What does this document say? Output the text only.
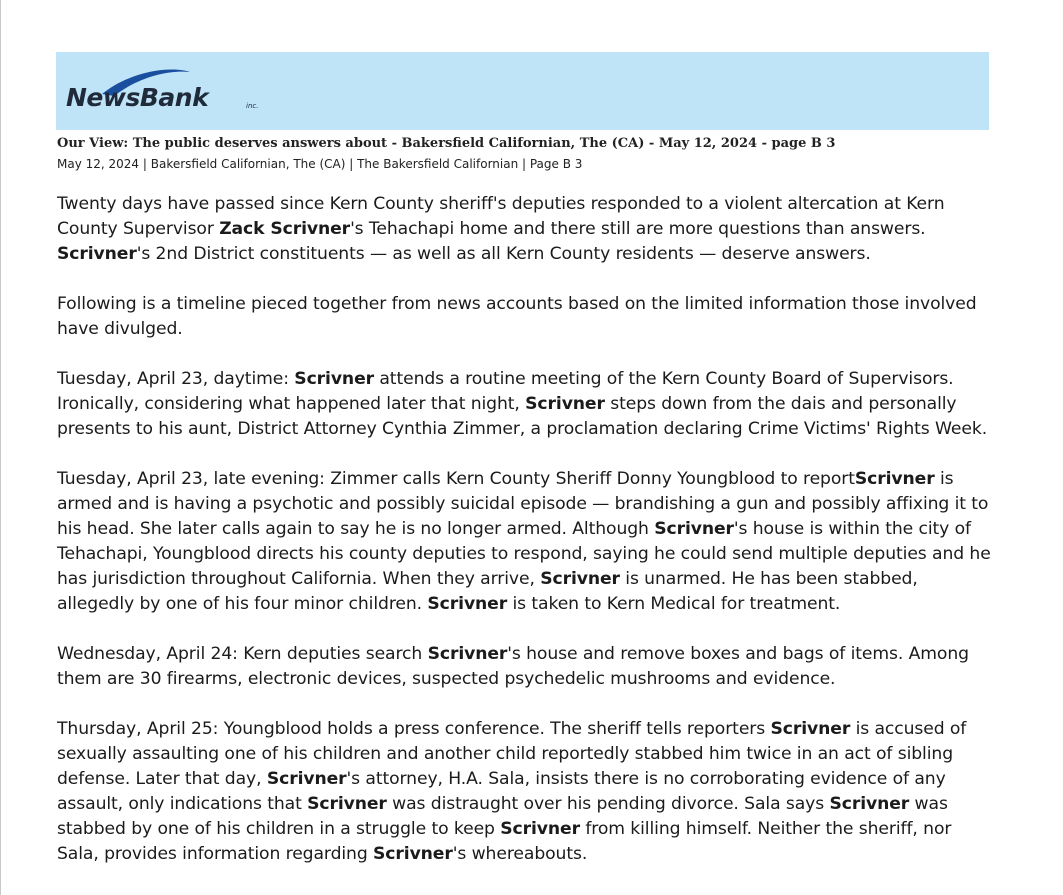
NewsBank	inc.
Our View: The public deserves answers about - Bakersfield Californian, The (CA) - May 12, 2024 - page B 3
May 12, 2024 | Bakersfield Californian, The (CA) | The Bakersfield Californian | Page B 3

Twenty days have passed since Kern County sheriff's deputies responded to a violent altercation at Kern County Supervisor Zack Scrivner's Tehachapi home and there still are more questions than answers. Scrivner's 2nd District constituents — as well as all Kern County residents — deserve answers.

Following is a timeline pieced together from news accounts based on the limited information those involved have divulged.

Tuesday, April 23, daytime: Scrivner attends a routine meeting of the Kern County Board of Supervisors. Ironically, considering what happened later that night, Scrivner steps down from the dais and personally presents to his aunt, District Attorney Cynthia Zimmer, a proclamation declaring Crime Victims' Rights Week.

Tuesday, April 23, late evening: Zimmer calls Kern County Sheriff Donny Youngblood to reportScrivner is armed and is having a psychotic and possibly suicidal episode — brandishing a gun and possibly affixing it to his head. She later calls again to say he is no longer armed. Although Scrivner's house is within the city of Tehachapi, Youngblood directs his county deputies to respond, saying he could send multiple deputies and he has jurisdiction throughout California. When they arrive, Scrivner is unarmed. He has been stabbed, allegedly by one of his four minor children. Scrivner is taken to Kern Medical for treatment.

Wednesday, April 24: Kern deputies search Scrivner's house and remove boxes and bags of items. Among them are 30 firearms, electronic devices, suspected psychedelic mushrooms and evidence.

Thursday, April 25: Youngblood holds a press conference. The sheriff tells reporters Scrivner is accused of sexually assaulting one of his children and another child reportedly stabbed him twice in an act of sibling defense. Later that day, Scrivner's attorney, H.A. Sala, insists there is no corroborating evidence of any assault, only indications that Scrivner was distraught over his pending divorce. Sala says Scrivner was stabbed by one of his children in a struggle to keep Scrivner from killing himself. Neither the sheriff, nor Sala, provides information regarding Scrivner's whereabouts.
